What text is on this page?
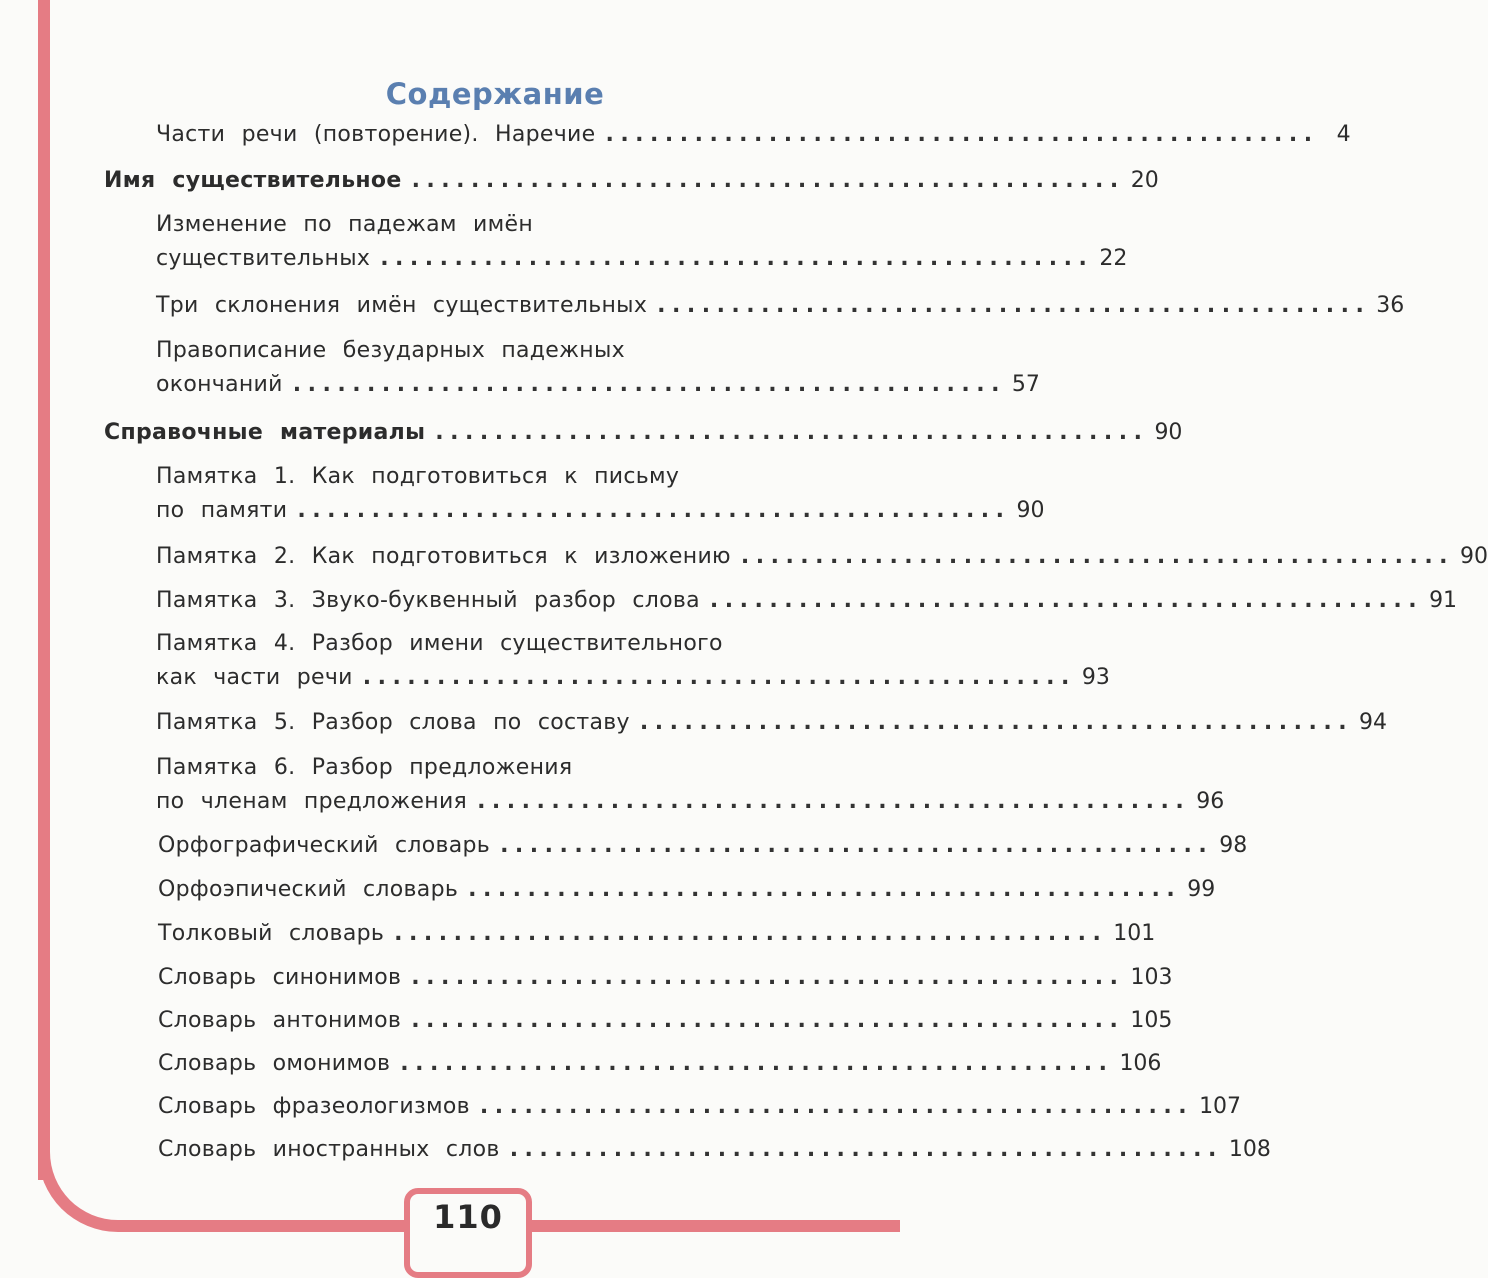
Содержание
Части речи (повторение). Наречие ................................................ 4
Имя существительное ................................................ 20
Изменение по падежам имён
существительных ................................................ 22
Три склонения имён существительных ................................................ 36
Правописание безударных падежных
окончаний ................................................ 57
Справочные материалы ................................................ 90
Памятка 1. Как подготовиться к письму
по памяти ................................................ 90
Памятка 2. Как подготовиться к изложению ................................................ 90
Памятка 3. Звуко-буквенный разбор слова ................................................ 91
Памятка 4. Разбор имени существительного
как части речи ................................................ 93
Памятка 5. Разбор слова по составу ................................................ 94
Памятка 6. Разбор предложения
по членам предложения ................................................ 96
Орфографический словарь ................................................ 98
Орфоэпический словарь ................................................ 99
Толковый словарь ................................................ 101
Словарь синонимов ................................................ 103
Словарь антонимов ................................................ 105
Словарь омонимов ................................................ 106
Словарь фразеологизмов ................................................ 107
Словарь иностранных слов ................................................ 108
110
